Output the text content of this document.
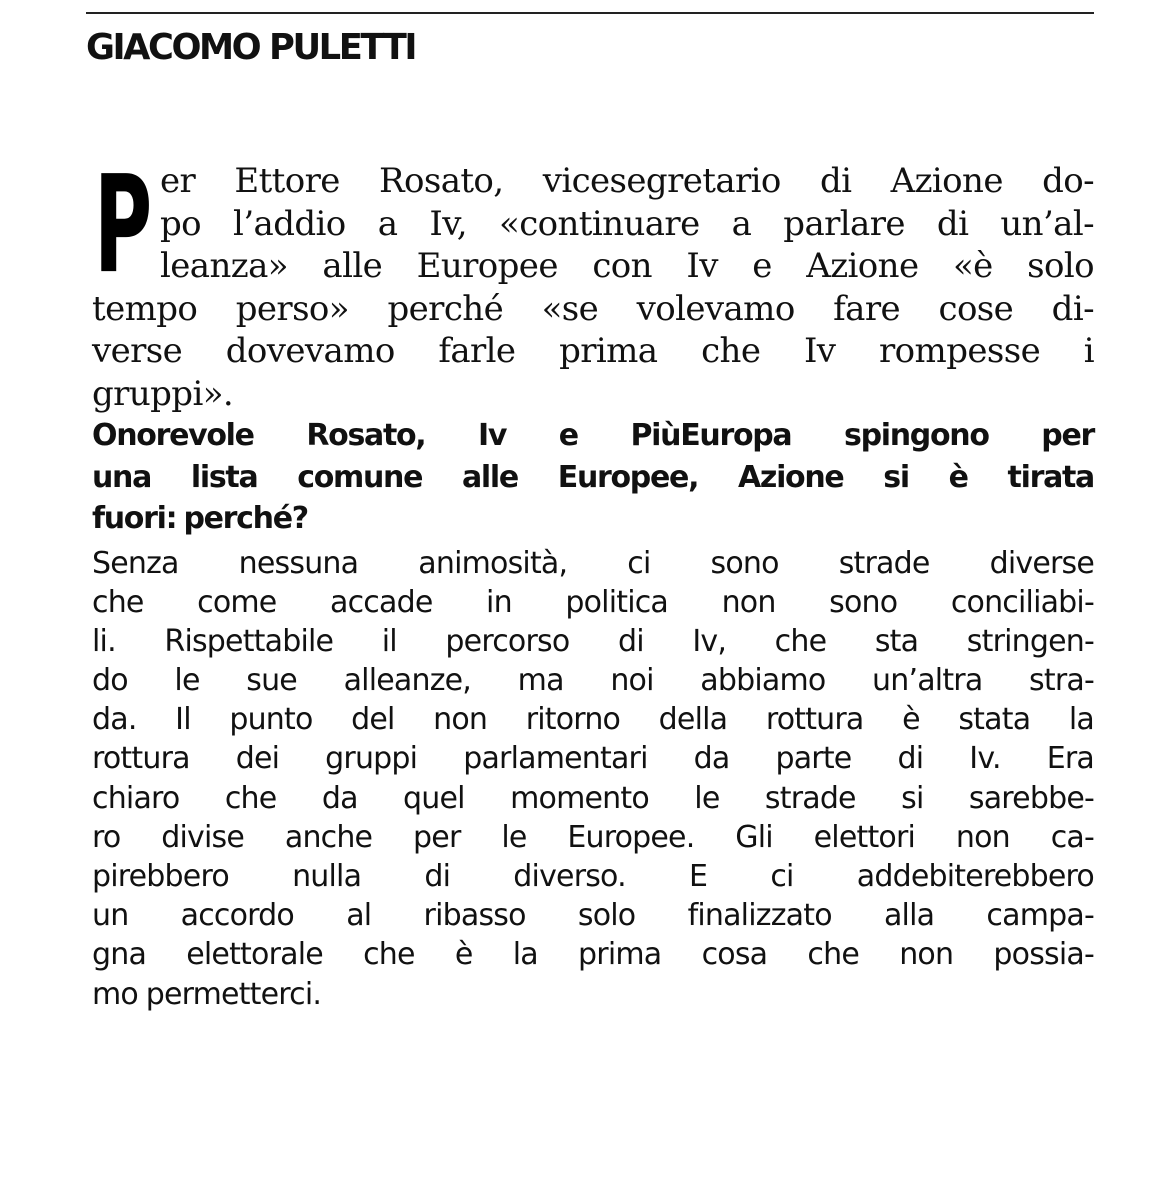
GIACOMO PULETTI
P er Ettore Rosato, vicesegretario di Azione do-
po l’addio a Iv, «continuare a parlare di un’al-
leanza» alle Europee con Iv e Azione «è solo
tempo perso» perché «se volevamo fare cose di-
verse dovevamo farle prima che Iv rompesse i
gruppi».
Onorevole Rosato, Iv e PiùEuropa spingono per
una lista comune alle Europee, Azione si è tirata
fuori: perché?
Senza nessuna animosità, ci sono strade diverse
che come accade in politica non sono conciliabi-
li. Rispettabile il percorso di Iv, che sta stringen-
do le sue alleanze, ma noi abbiamo un’altra stra-
da. Il punto del non ritorno della rottura è stata la
rottura dei gruppi parlamentari da parte di Iv. Era
chiaro che da quel momento le strade si sarebbe-
ro divise anche per le Europee. Gli elettori non ca-
pirebbero nulla di diverso. E ci addebiterebbero
un accordo al ribasso solo finalizzato alla campa-
gna elettorale che è la prima cosa che non possia-
mo permetterci.
